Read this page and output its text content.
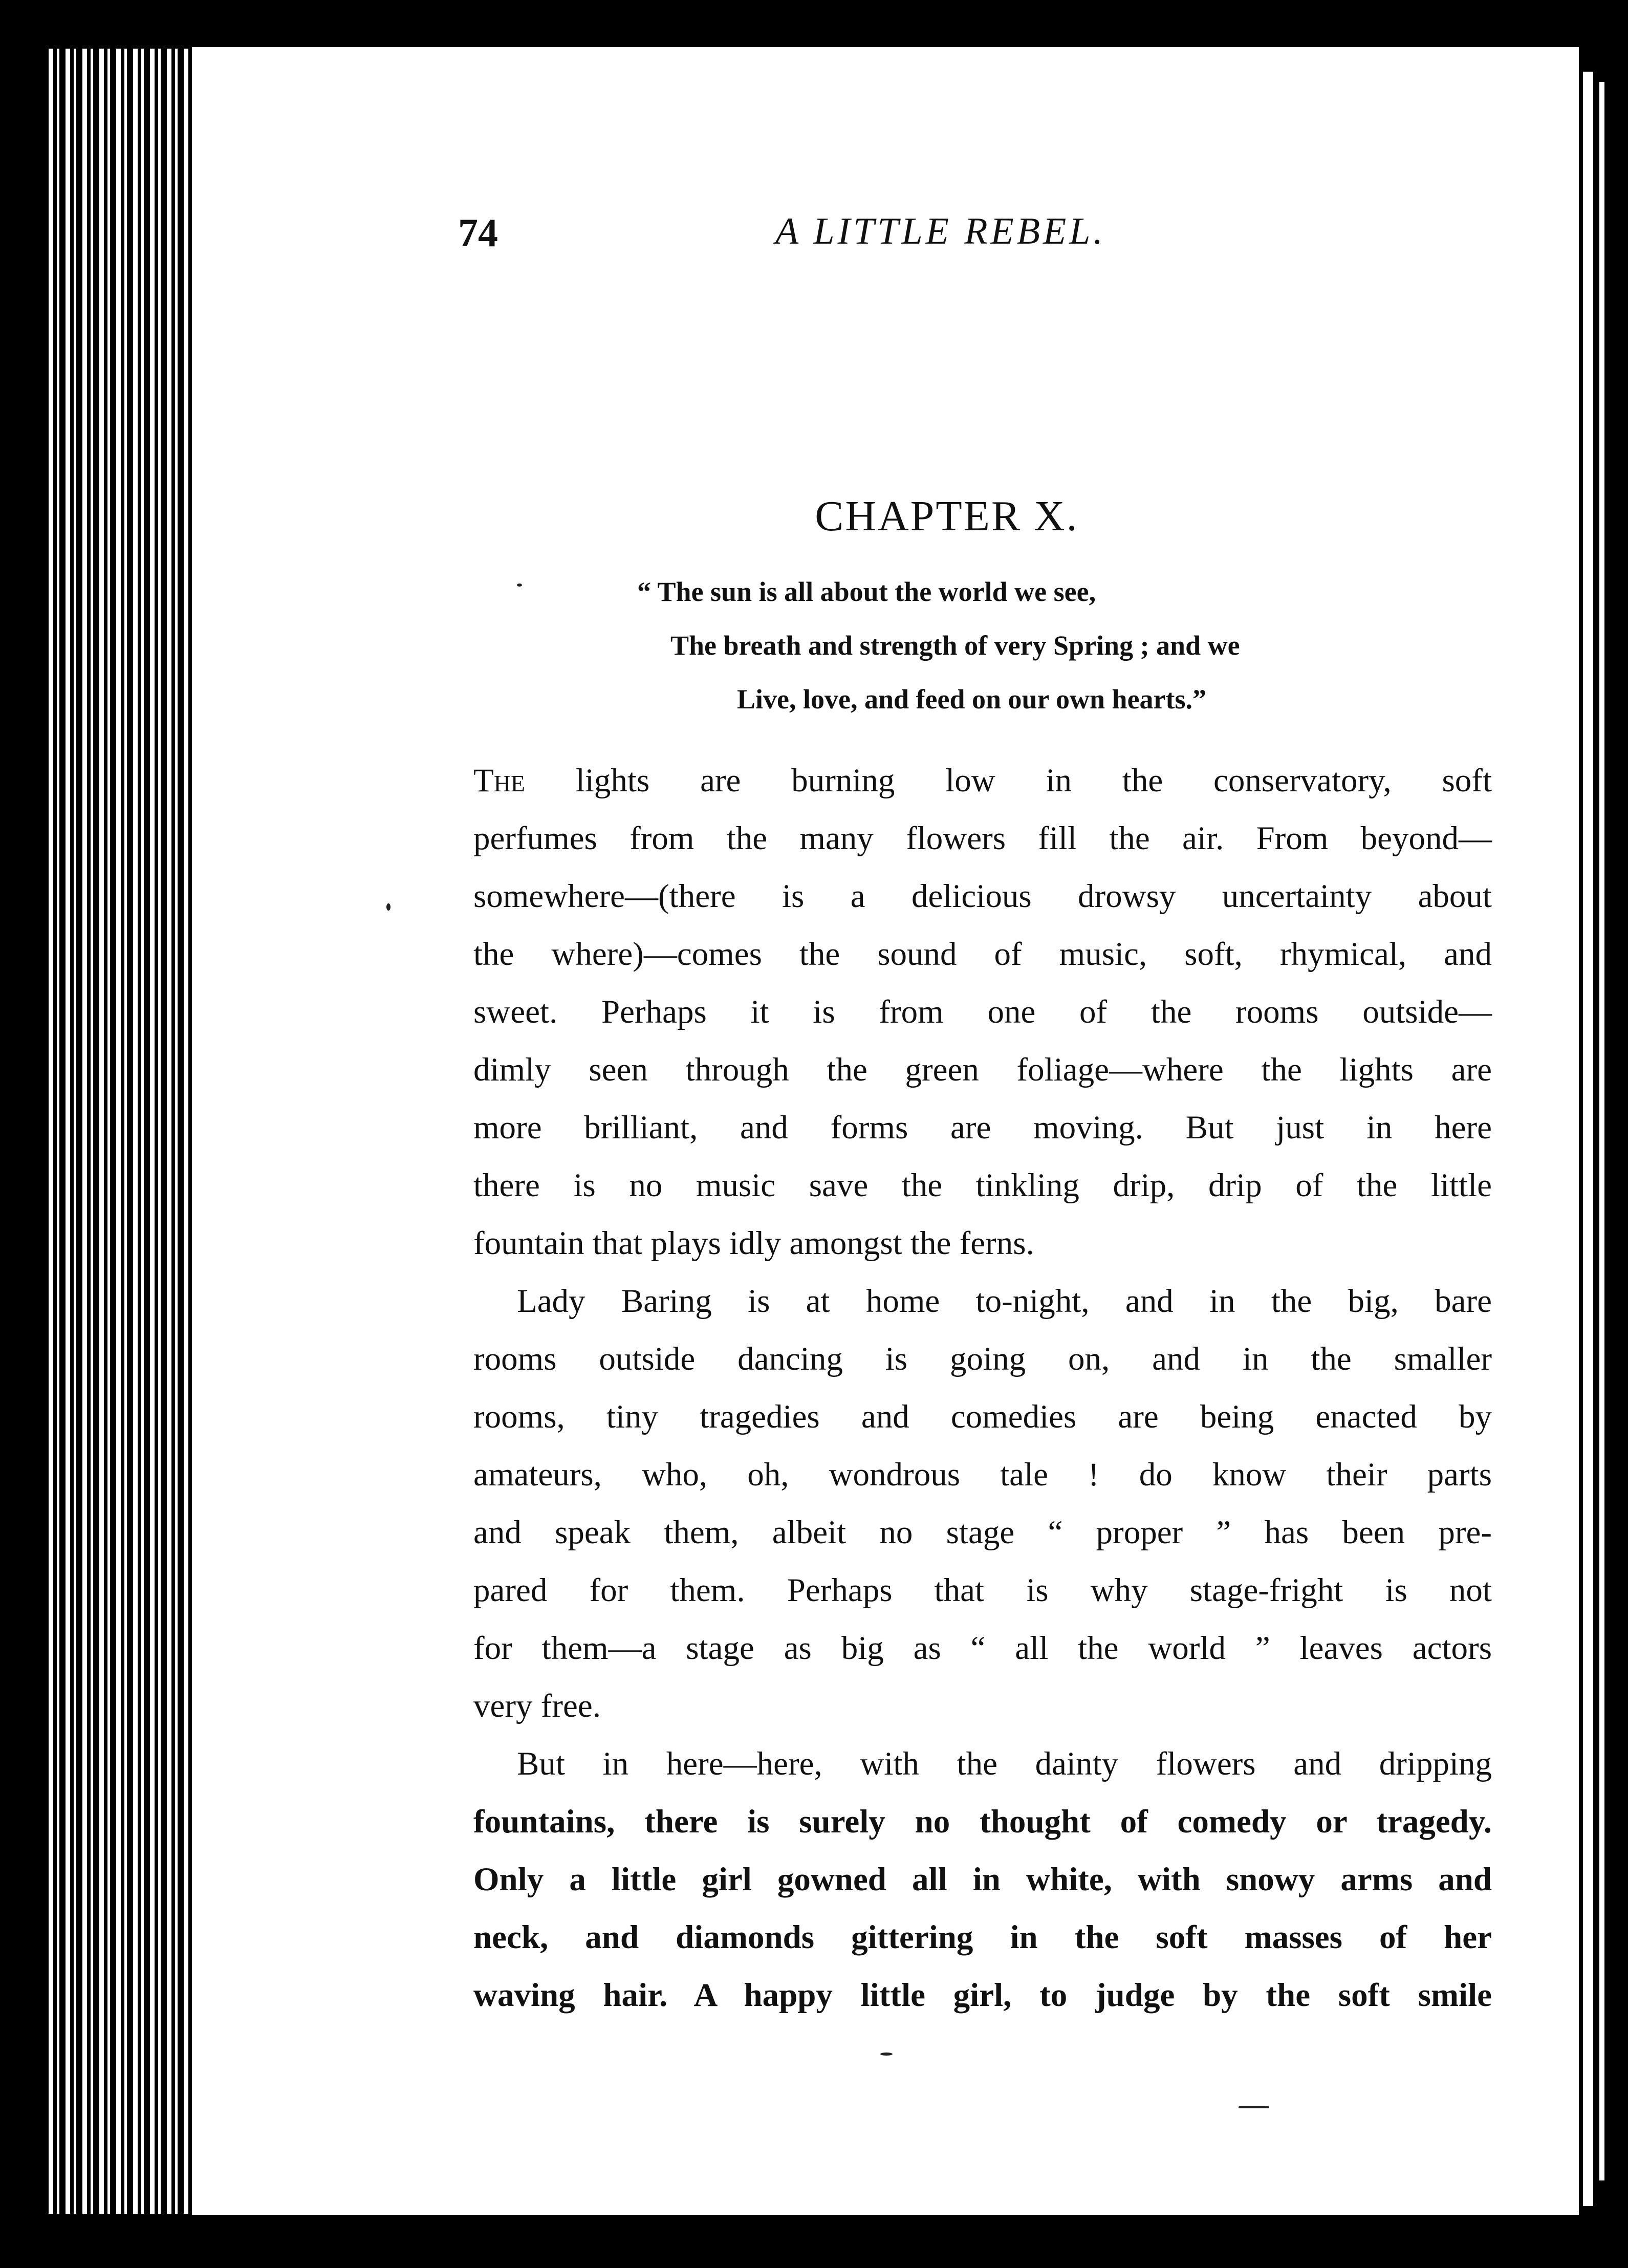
74	A LITTLE REBEL.
CHAPTER X.
“ The sun is all about the world we see,
The breath and strength of very Spring ; and we
Live, love, and feed on our own hearts.”
The lights are burning low in the conservatory, soft
perfumes from the many flowers fill the air. From beyond—
somewhere—(there is a delicious drowsy uncertainty about
the where)—comes the sound of music, soft, rhymical, and
sweet. Perhaps it is from one of the rooms outside—
dimly seen through the green foliage—where the lights are
more brilliant, and forms are moving. But just in here
there is no music save the tinkling drip, drip of the little
fountain that plays idly amongst the ferns.
Lady Baring is at home to-night, and in the big, bare
rooms outside dancing is going on, and in the smaller
rooms, tiny tragedies and comedies are being enacted by
amateurs, who, oh, wondrous tale ! do know their parts
and speak them, albeit no stage “ proper ” has been pre-
pared for them. Perhaps that is why stage-fright is not
for them—a stage as big as “ all the world ” leaves actors
very free.
But in here—here, with the dainty flowers and dripping
fountains, there is surely no thought of comedy or tragedy.
Only a little girl gowned all in white, with snowy arms and
neck, and diamonds gittering in the soft masses of her
waving hair. A happy little girl, to judge by the soft smile
